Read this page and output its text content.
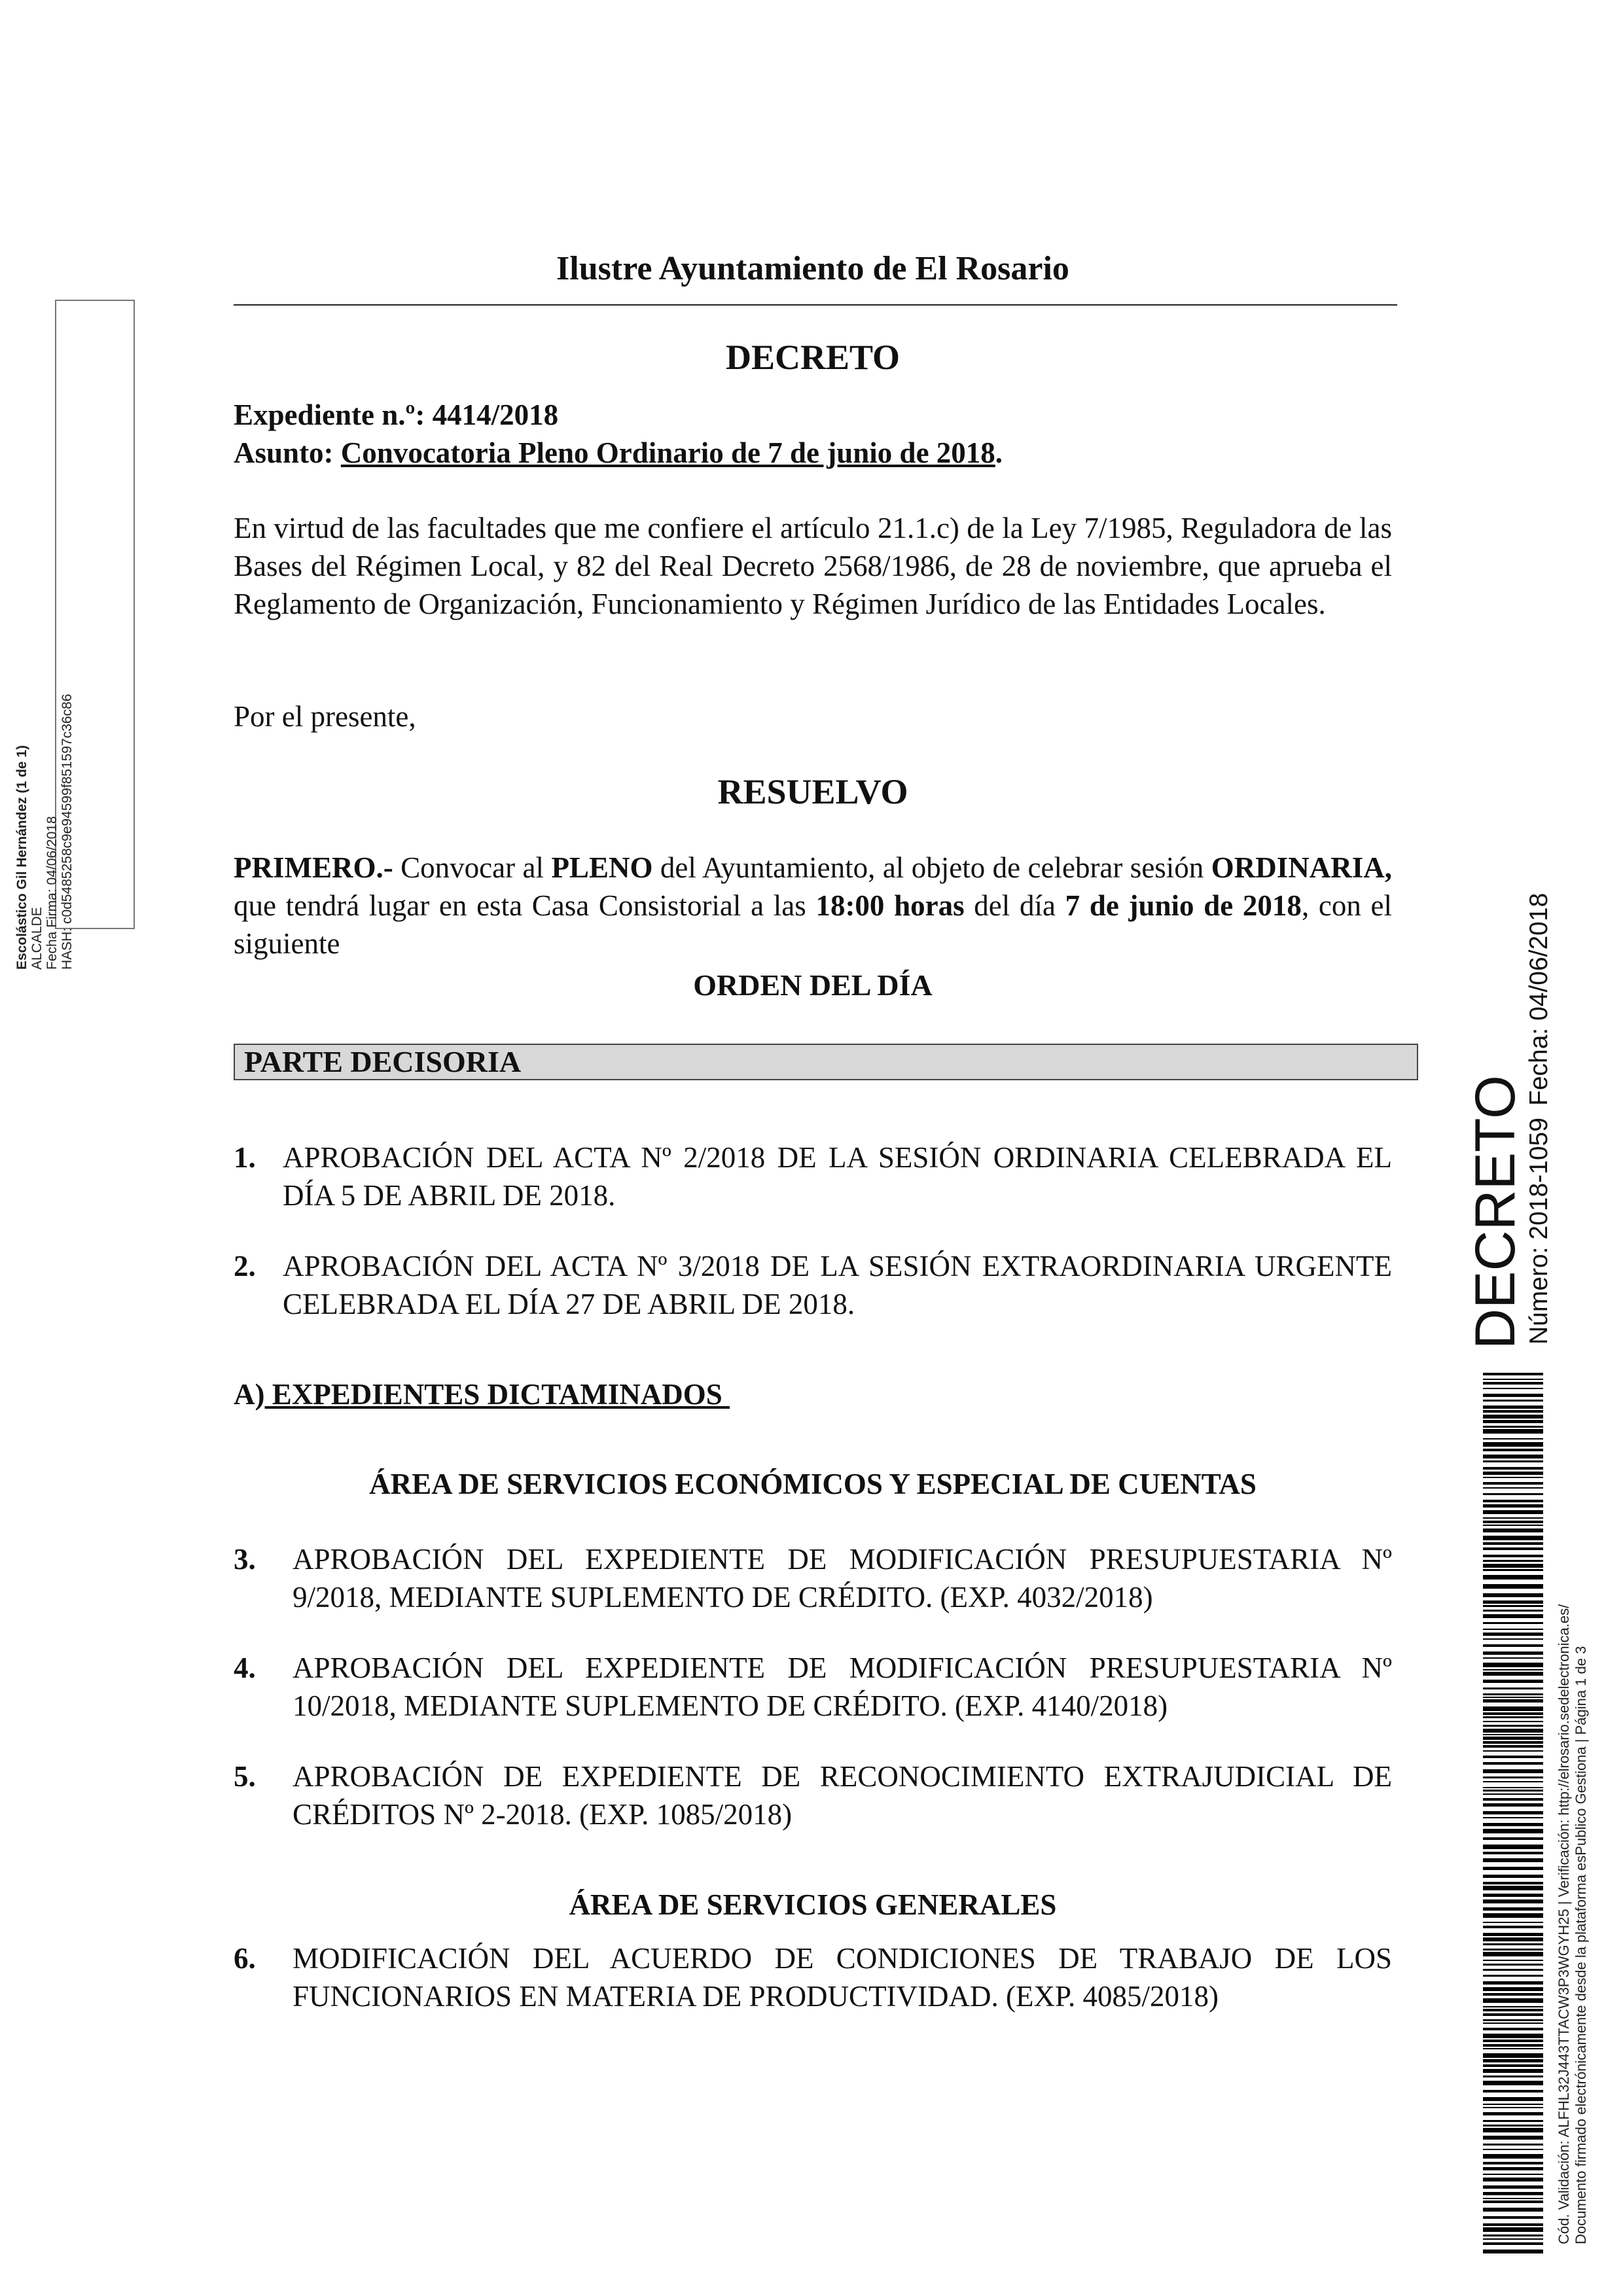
Escolástico Gil Hernández (1 de 1) ALCALDE Fecha Firma: 04/06/2018 HASH: c0d5485258c9e94599f851597c36c86
Ilustre Ayuntamiento de El Rosario
DECRETO
Expediente n.º: 4414/2018
Asunto: Convocatoria Pleno Ordinario de 7 de junio de 2018.
En virtud de las facultades que me confiere el artículo 21.1.c) de la Ley 7/1985, Reguladora de las Bases del Régimen Local, y 82 del Real Decreto 2568/1986, de 28 de noviembre, que aprueba el Reglamento de Organización, Funcionamiento y Régimen Jurídico de las Entidades Locales.
Por el presente,
RESUELVO
PRIMERO.- Convocar al PLENO del Ayuntamiento, al objeto de celebrar sesión ORDINARIA, que tendrá lugar en esta Casa Consistorial a las 18:00 horas del día 7 de junio de 2018, con el siguiente
ORDEN DEL DÍA
PARTE DECISORIA
1. APROBACIÓN DEL ACTA Nº 2/2018 DE LA SESIÓN ORDINARIA CELEBRADA EL DÍA 5 DE ABRIL DE 2018.
2. APROBACIÓN DEL ACTA Nº 3/2018 DE LA SESIÓN EXTRAORDINARIA URGENTE CELEBRADA EL DÍA 27 DE ABRIL DE 2018.
A) EXPEDIENTES DICTAMINADOS
ÁREA DE SERVICIOS ECONÓMICOS Y ESPECIAL DE CUENTAS
3. APROBACIÓN DEL EXPEDIENTE DE MODIFICACIÓN PRESUPUESTARIA Nº 9/2018, MEDIANTE SUPLEMENTO DE CRÉDITO. (EXP. 4032/2018)
4. APROBACIÓN DEL EXPEDIENTE DE MODIFICACIÓN PRESUPUESTARIA Nº 10/2018, MEDIANTE SUPLEMENTO DE CRÉDITO. (EXP. 4140/2018)
5. APROBACIÓN DE EXPEDIENTE DE RECONOCIMIENTO EXTRAJUDICIAL DE CRÉDITOS Nº 2-2018. (EXP. 1085/2018)
ÁREA DE SERVICIOS GENERALES
6. MODIFICACIÓN DEL ACUERDO DE CONDICIONES DE TRABAJO DE LOS FUNCIONARIOS EN MATERIA DE PRODUCTIVIDAD. (EXP. 4085/2018)
DECRETO
Número: 2018-1059
Fecha: 04/06/2018
Cód. Validación: ALFHL32J443TTACW3P3WGYH25 | Verificación: http://elrosario.sedelectronica.es/ Documento firmado electrónicamente desde la plataforma esPublico Gestiona | Página 1 de 3
